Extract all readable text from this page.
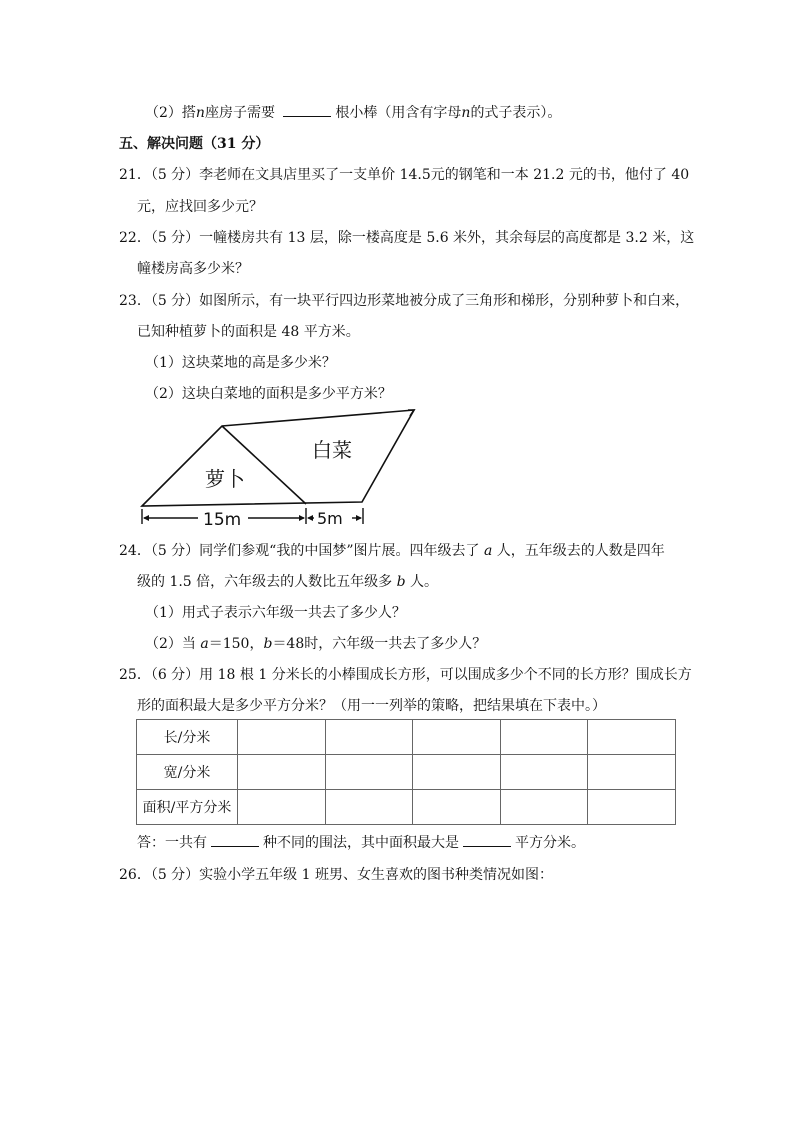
（2）搭n座房子需要	根小棒（用含有字母n的式子表示）。
五、解决问题（31 分）
21．（5 分）李老师在文具店里买了一支单价 14.5元的钢笔和一本 21.2 元的书，他付了 40
元，应找回多少元？
22．（5 分）一幢楼房共有 13 层，除一楼高度是 5.6 米外，其余每层的高度都是 3.2 米，这
幢楼房高多少米？
23．（5 分）如图所示，有一块平行四边形菜地被分成了三角形和梯形，分别种萝卜和白来，
已知种植萝卜的面积是 48 平方米。
（1）这块菜地的高是多少米？
（2）这块白菜地的面积是多少平方米？
萝卜
白菜
15m	5m
24．（5 分）同学们参观“我的中国梦”图片展。四年级去了 a 人，五年级去的人数是四年
级的 1.5 倍，六年级去的人数比五年级多 b 人。
（1）用式子表示六年级一共去了多少人？
（2）当 a＝150，b＝48时，六年级一共去了多少人？
25．（6 分）用 18 根 1 分米长的小棒围成长方形，可以围成多少个不同的长方形？围成长方
形的面积最大是多少平方分米？（用一一列举的策略，把结果填在下表中。）
长/分米					
宽/分米					
面积/平方分米					
答：一共有	种不同的围法，其中面积最大是	平方分米。
26．（5 分）实验小学五年级 1 班男、女生喜欢的图书种类情况如图：
